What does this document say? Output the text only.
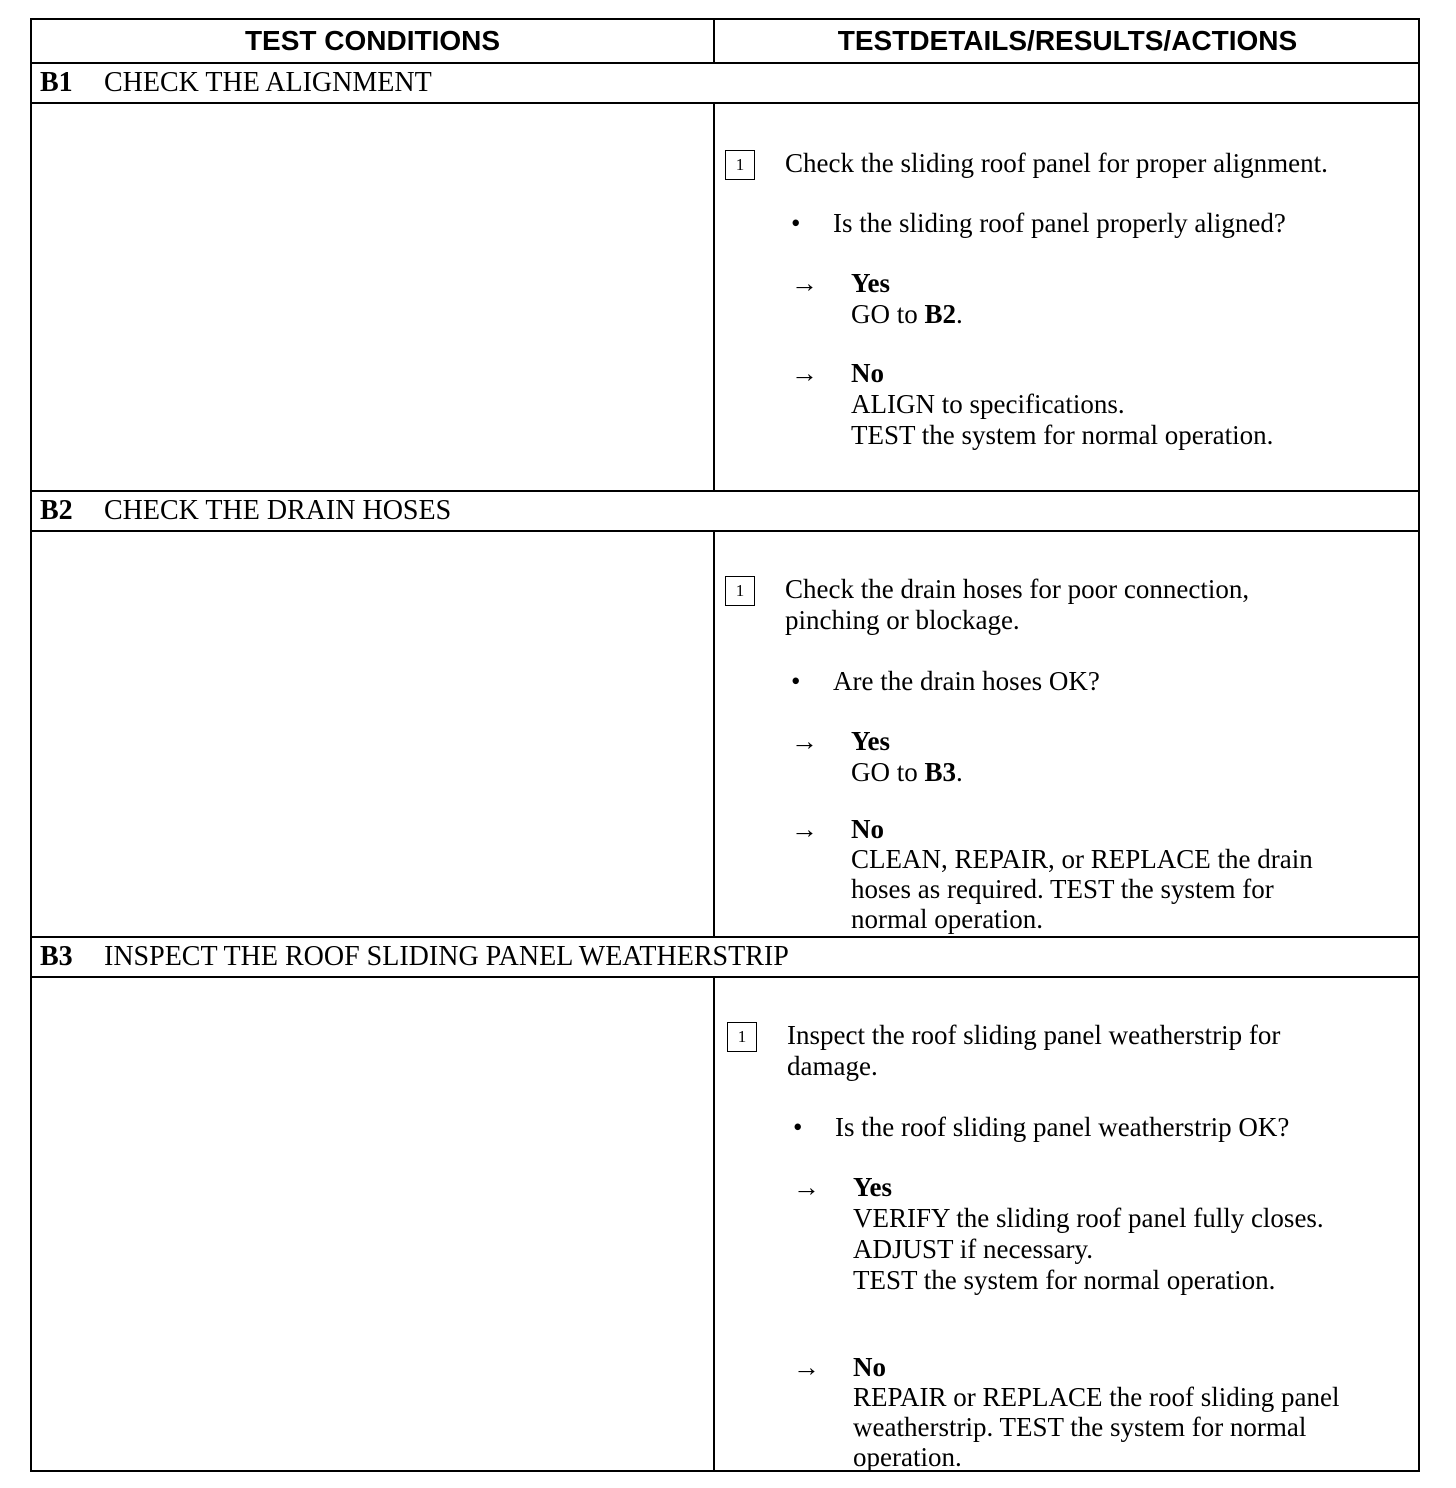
TEST CONDITIONS	TESTDETAILS/RESULTS/ACTIONS
B1	CHECK THE ALIGNMENT
1	Check the sliding roof panel for proper alignment.
• Is the sliding roof panel properly aligned?
→ Yes

GO to B2.

→ No

ALIGN to specifications.

TEST the system for normal operation.

B2	CHECK THE DRAIN HOSES
1	Check the drain hoses for poor connection,
pinching or blockage.
• Are the drain hoses OK?
→ Yes

GO to B3.

→ No

CLEAN, REPAIR, or REPLACE the drain

hoses as required. TEST the system for

normal operation.

B3	INSPECT THE ROOF SLIDING PANEL WEATHERSTRIP
1	Inspect the roof sliding panel weatherstrip for
damage.
• Is the roof sliding panel weatherstrip OK?
→ Yes

VERIFY the sliding roof panel fully closes.

ADJUST if necessary.

TEST the system for normal operation.

→ No

REPAIR or REPLACE the roof sliding panel

weatherstrip. TEST the system for normal

operation.
